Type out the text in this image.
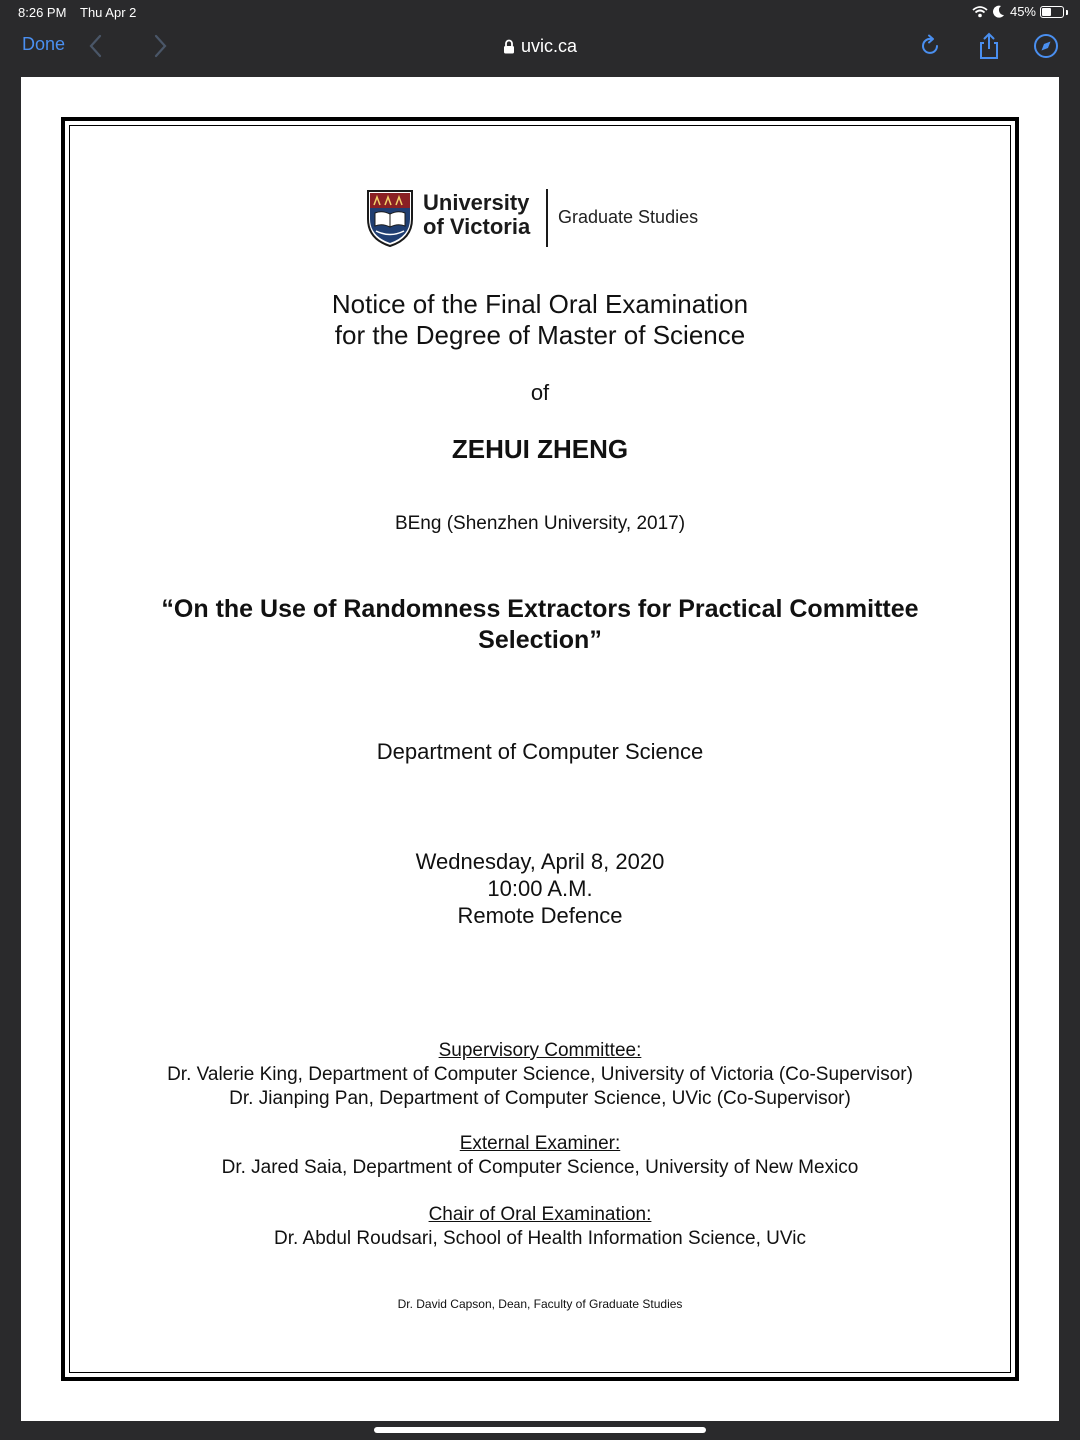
8:26 PM Thu Apr 2	45%
Done	uvic.ca
University
of Victoria Graduate Studies
Notice of the Final Oral Examination
for the Degree of Master of Science
of
ZEHUI ZHENG
BEng (Shenzhen University, 2017)
“On the Use of Randomness Extractors for Practical Committee
Selection”
Department of Computer Science
Wednesday, April 8, 2020
10:00 A.M.
Remote Defence
Supervisory Committee:
Dr. Valerie King, Department of Computer Science, University of Victoria (Co-Supervisor)
Dr. Jianping Pan, Department of Computer Science, UVic (Co-Supervisor)
External Examiner:
Dr. Jared Saia, Department of Computer Science, University of New Mexico
Chair of Oral Examination:
Dr. Abdul Roudsari, School of Health Information Science, UVic
Dr. David Capson, Dean, Faculty of Graduate Studies
